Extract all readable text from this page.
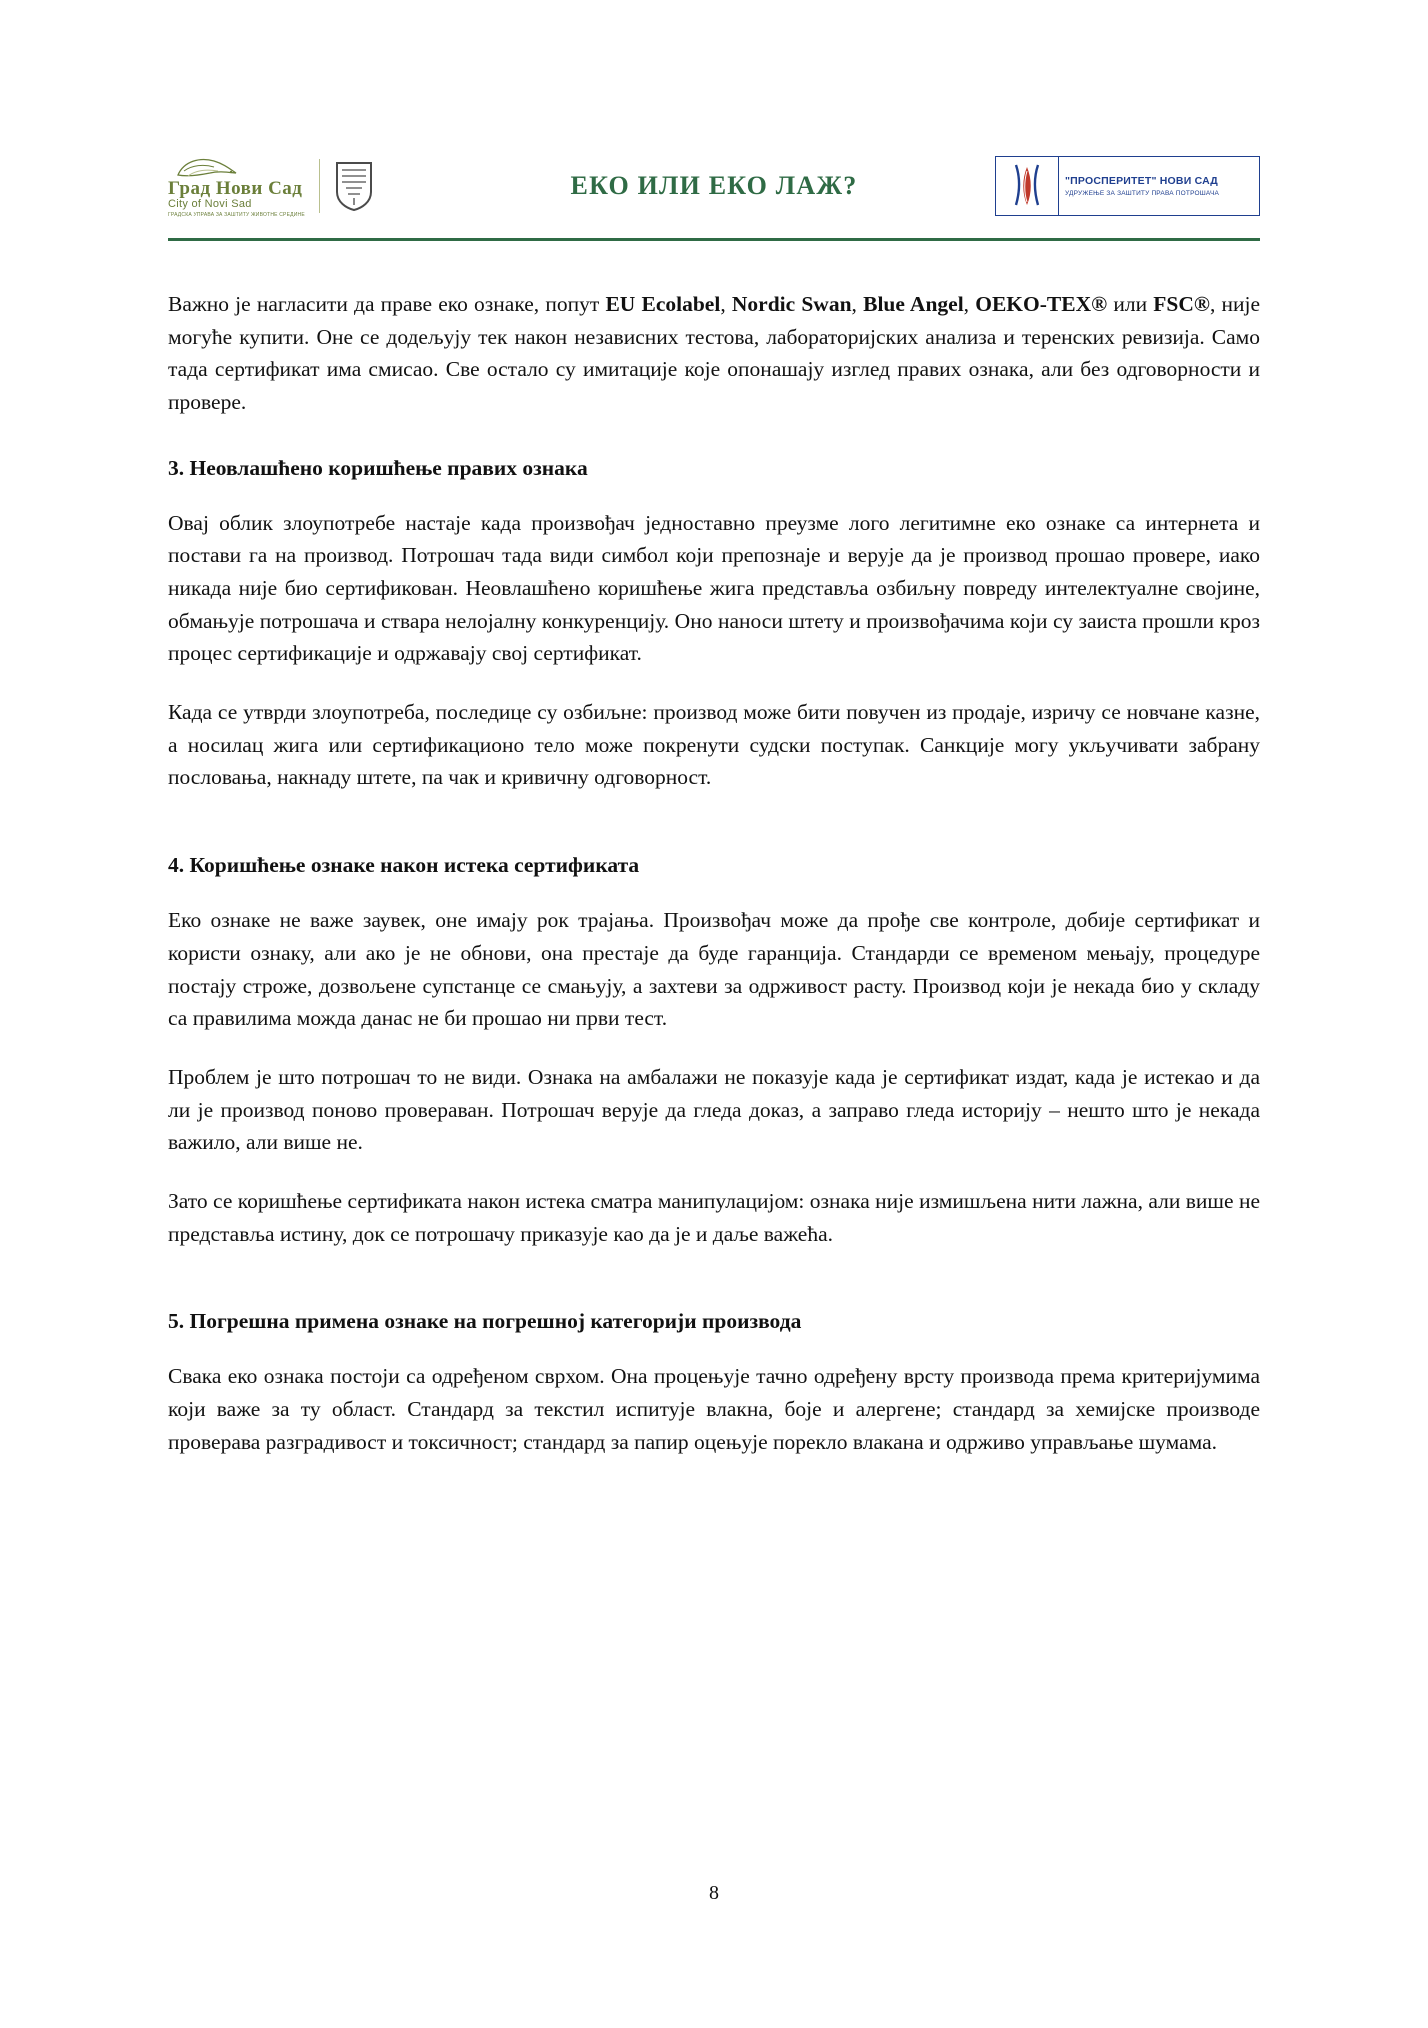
Град Нови Сад
City of Novi Sad
ГРАДСКА УПРАВА ЗА ЗАШТИТУ ЖИВОТНЕ СРЕДИНЕ
ЕКО ИЛИ ЕКО ЛАЖ?	"ПРОСПЕРИТЕТ" НОВИ САД
УДРУЖЕЊЕ ЗА ЗАШТИТУ ПРАВА ПОТРОШАЧА

Важно је нагласити да праве еко ознаке, попут EU Ecolabel, Nordic Swan, Blue Angel, OEKO-TEX® или FSC®, није могуће купити. Оне се додељују тек након независних тестова, лабораторијских анализа и теренских ревизија. Само тада сертификат има смисао. Све остало су имитације које опонашају изглед правих ознака, али без одговорности и провере.

3. Неовлашћено коришћење правих ознака

Овај облик злоупотребе настаје када произвођач једноставно преузме лого легитимне еко ознаке са интернета и постави га на производ. Потрошач тада види симбол који препознаје и верује да је производ прошао провере, иако никада није био сертификован. Неовлашћено коришћење жига представља озбиљну повреду интелектуалне својине, обмањује потрошача и ствара нелојалну конкуренцију. Оно наноси штету и произвођачима који су заиста прошли кроз процес сертификације и одржавају свој сертификат.

Када се утврди злоупотреба, последице су озбиљне: производ може бити повучен из продаје, изричу се новчане казне, а носилац жига или сертификационо тело може покренути судски поступак. Санкције могу укључивати забрану пословања, накнаду штете, па чак и кривичну одговорност.

4. Коришћење ознаке након истека сертификата

Еко ознаке не важе заувек, оне имају рок трајања. Произвођач може да прође све контроле, добије сертификат и користи ознаку, али ако је не обнови, она престаје да буде гаранција. Стандарди се временом мењају, процедуре постају строже, дозвољене супстанце се смањују, а захтеви за одрживост расту. Производ који је некада био у складу са правилима можда данас не би прошао ни први тест.

Проблем је што потрошач то не види. Ознака на амбалажи не показује када је сертификат издат, када је истекао и да ли је производ поново проверaван. Потрошач верује да гледа доказ, а заправо гледа историју – нешто што је некада важило, али више не.

Зато се коришћење сертификата након истека сматра манипулацијом: ознака није измишљена нити лажна, али више не представља истину, док се потрошачу приказује као да је и даље важећа.

5. Погрешна примена ознаке на погрешној категорији производа

Свака еко ознака постоји са одређеном сврхом. Она процењује тачно одређену врсту производа према критеријумима који важе за ту област. Стандард за текстил испитује влакна, боје и алергене; стандард за хемијске производе проверава разградивост и токсичност; стандард за папир оцењује порекло влакана и одрживо управљање шумама.

8
